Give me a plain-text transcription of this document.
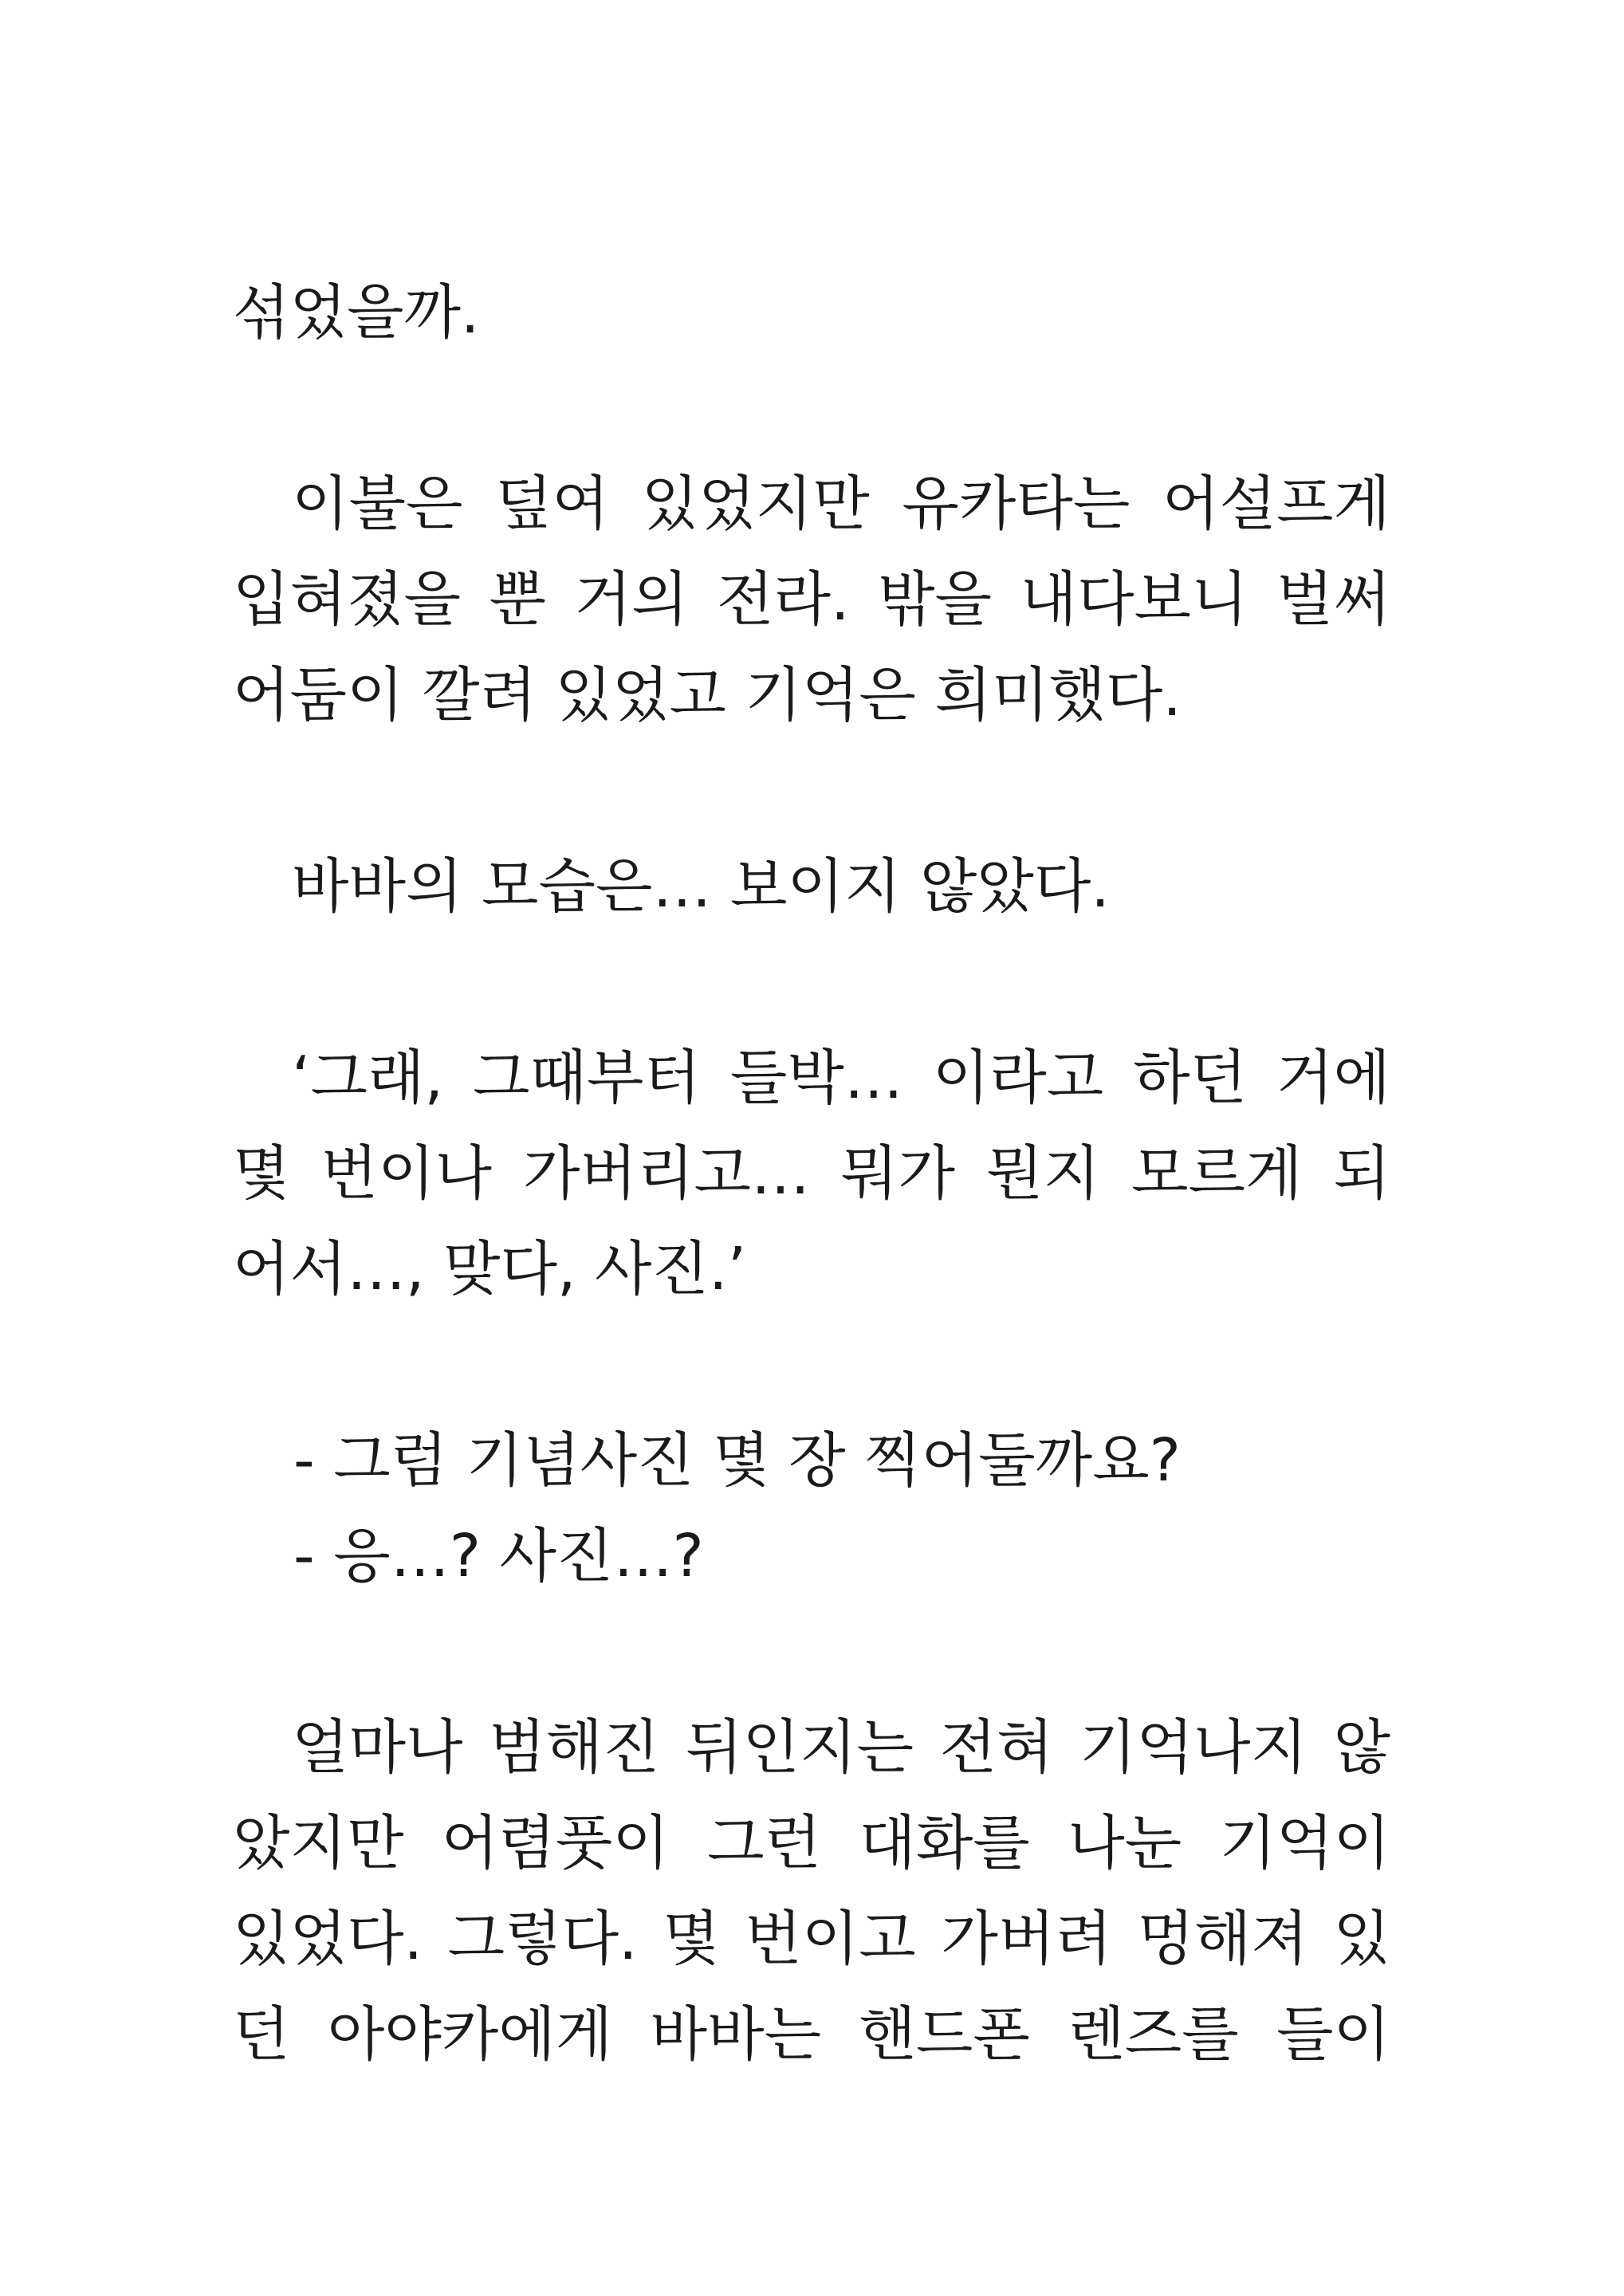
섞었을까.
이불은 덮여 있었지만 유카타는 어설프게
입혀졌을 뿐 거의 전라. 밖을 내다보니 벌써
어둠이 깔려 있었고 기억은 희미했다.
바바의 모습은… 보이지 않았다.
‘그래, 그때부터 들박… 이라고 하던 거에
몇 번이나 가버리고… 뭐가 뭔지 모르게 되
어서…, 맞다, 사진.’
- 그럼 기념사진 몇 장 찍어둘까요?
- 응…? 사진…?
얼마나 범해진 뒤인지는 전혀 기억나지 않
았지만 어렴풋이 그런 대화를 나눈 기억이
있었다. 그렇다. 몇 번이고 가버려 멍해져 있
던 아야카에게 바바는 핸드폰 렌즈를 들이
